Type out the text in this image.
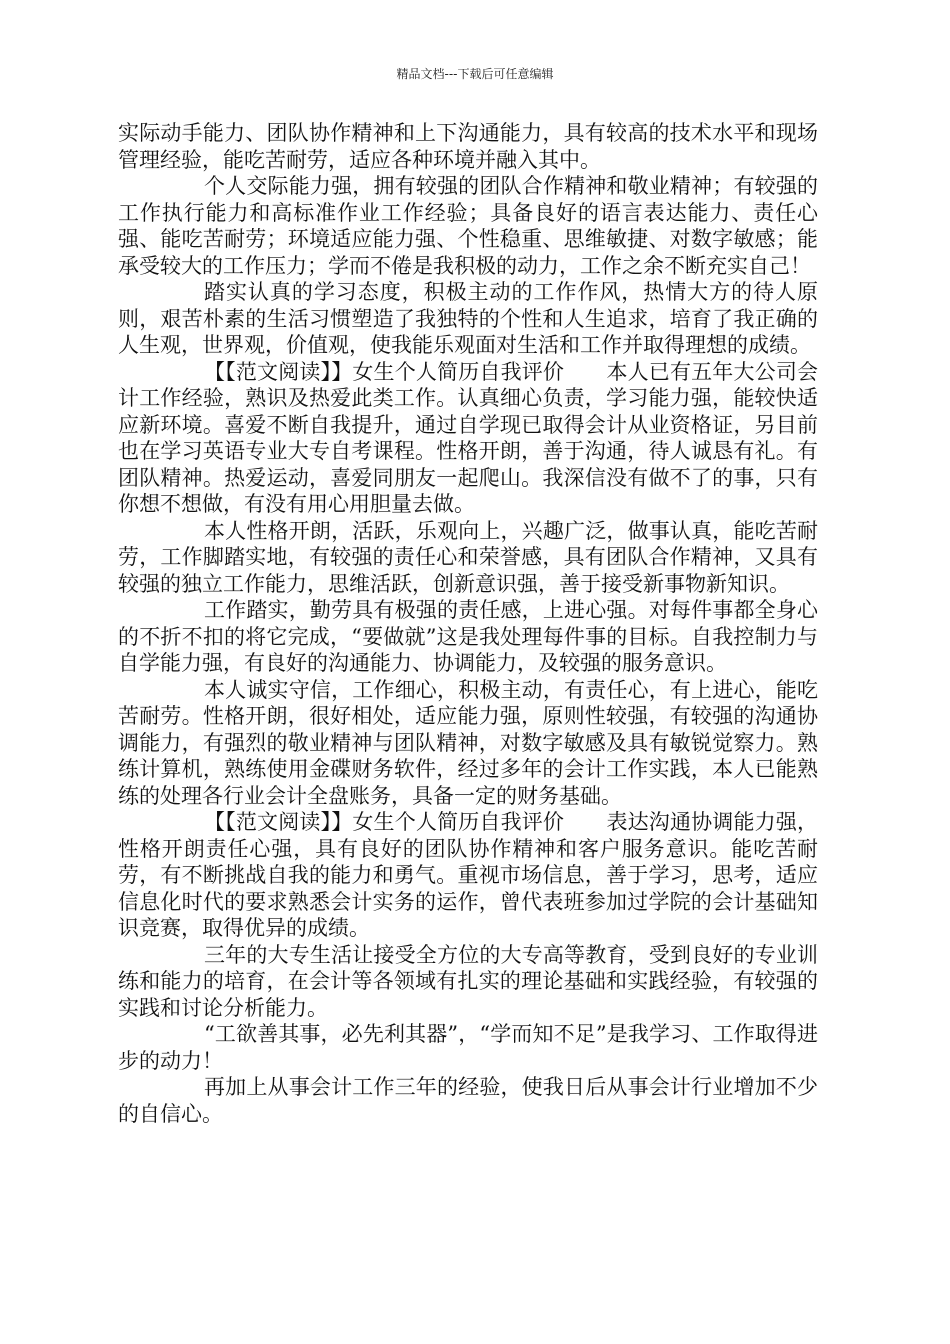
精品文档---下载后可任意编辑

实际动手能力、团队协作精神和上下沟通能力，具有较高的技术水平和现场管理经验，能吃苦耐劳，适应各种环境并融入其中。

个人交际能力强，拥有较强的团队合作精神和敬业精神；有较强的工作执行能力和高标准作业工作经验；具备良好的语言表达能力、责任心强、能吃苦耐劳；环境适应能力强、个性稳重、思维敏捷、对数字敏感；能承受较大的工作压力；学而不倦是我积极的动力，工作之余不断充实自己！

踏实认真的学习态度，积极主动的工作作风，热情大方的待人原则，艰苦朴素的生活习惯塑造了我独特的个性和人生追求，培育了我正确的人生观，世界观，价值观，使我能乐观面对生活和工作并取得理想的成绩。

【【范文阅读】】女生个人简历自我评价　　本人已有五年大公司会计工作经验，熟识及热爱此类工作。认真细心负责，学习能力强，能较快适应新环境。喜爱不断自我提升，通过自学现已取得会计从业资格证，另目前也在学习英语专业大专自考课程。性格开朗，善于沟通，待人诚恳有礼。有团队精神。热爱运动，喜爱同朋友一起爬山。我深信没有做不了的事，只有你想不想做，有没有用心用胆量去做。

本人性格开朗，活跃，乐观向上，兴趣广泛，做事认真，能吃苦耐劳，工作脚踏实地，有较强的责任心和荣誉感，具有团队合作精神，又具有较强的独立工作能力，思维活跃，创新意识强，善于接受新事物新知识。

工作踏实，勤劳具有极强的责任感，上进心强。对每件事都全身心的不折不扣的将它完成，“要做就”这是我处理每件事的目标。自我控制力与自学能力强，有良好的沟通能力、协调能力，及较强的服务意识。

本人诚实守信，工作细心，积极主动，有责任心，有上进心，能吃苦耐劳。性格开朗，很好相处，适应能力强，原则性较强，有较强的沟通协调能力，有强烈的敬业精神与团队精神，对数字敏感及具有敏锐觉察力。熟练计算机，熟练使用金碟财务软件，经过多年的会计工作实践，本人已能熟练的处理各行业会计全盘账务，具备一定的财务基础。

【【范文阅读】】女生个人简历自我评价　　表达沟通协调能力强，性格开朗责任心强，具有良好的团队协作精神和客户服务意识。能吃苦耐劳，有不断挑战自我的能力和勇气。重视市场信息，善于学习，思考，适应信息化时代的要求熟悉会计实务的运作，曾代表班参加过学院的会计基础知识竞赛，取得优异的成绩。

三年的大专生活让接受全方位的大专高等教育，受到良好的专业训练和能力的培育，在会计等各领域有扎实的理论基础和实践经验，有较强的实践和讨论分析能力。

“工欲善其事，必先利其器”，“学而知不足”是我学习、工作取得进步的动力！

再加上从事会计工作三年的经验，使我日后从事会计行业增加不少的自信心。
